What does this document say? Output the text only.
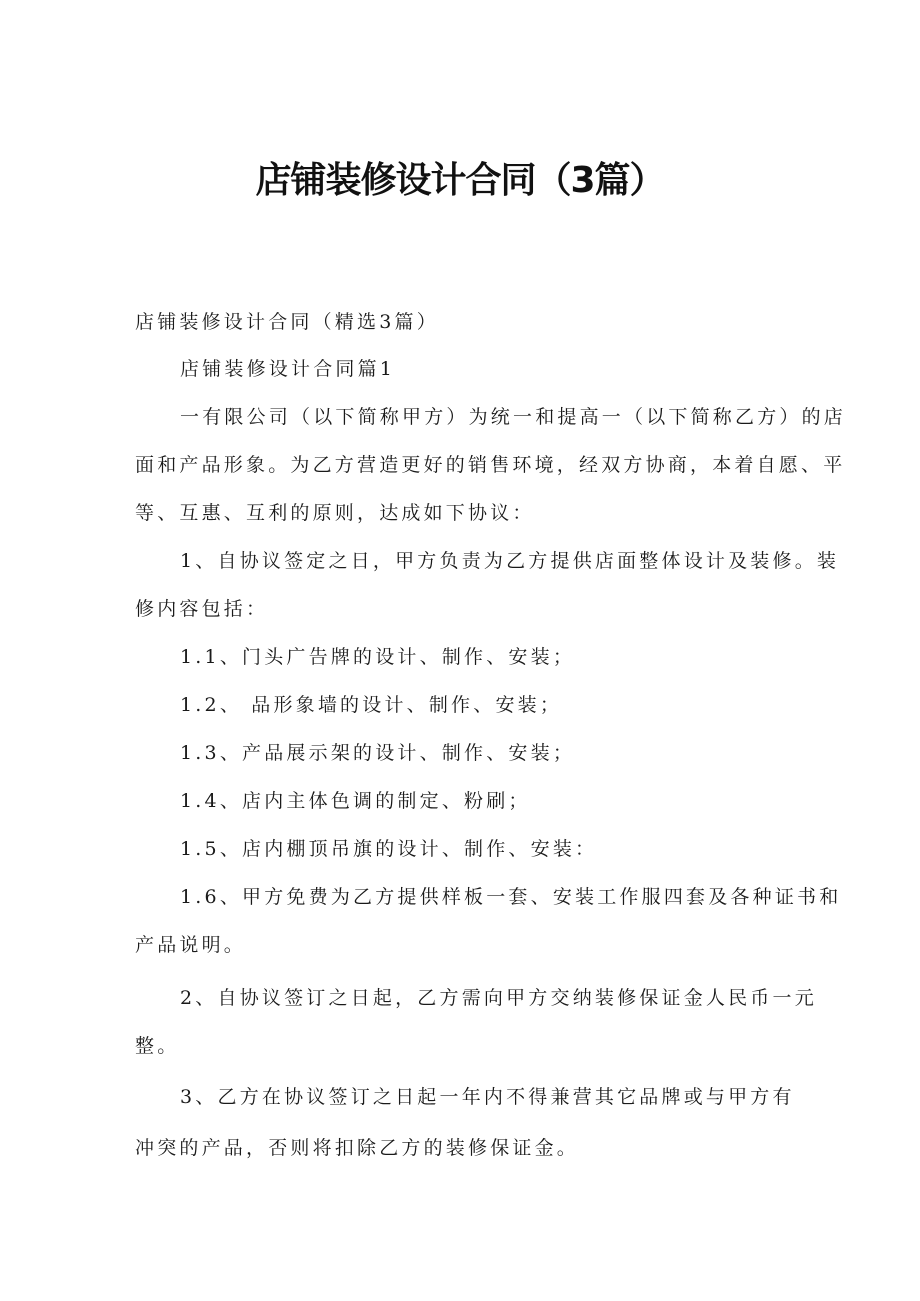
店铺装修设计合同（3篇）
店铺装修设计合同（精选3篇）
店铺装修设计合同篇1
一有限公司（以下简称甲方）为统一和提高一（以下简称乙方）的店
面和产品形象。为乙方营造更好的销售环境，经双方协商，本着自愿、平
等、互惠、互利的原则，达成如下协议：
1、自协议签定之日，甲方负责为乙方提供店面整体设计及装修。装
修内容包括：
1.1、门头广告牌的设计、制作、安装；
1.2、 品形象墙的设计、制作、安装；
1.3、产品展示架的设计、制作、安装；
1.4、店内主体色调的制定、粉刷；
1.5、店内棚顶吊旗的设计、制作、安装：
1.6、甲方免费为乙方提供样板一套、安装工作服四套及各种证书和
产品说明。
2、自协议签订之日起，乙方需向甲方交纳装修保证金人民币一元
整。
3、乙方在协议签订之日起一年内不得兼营其它品牌或与甲方有
冲突的产品，否则将扣除乙方的装修保证金。
